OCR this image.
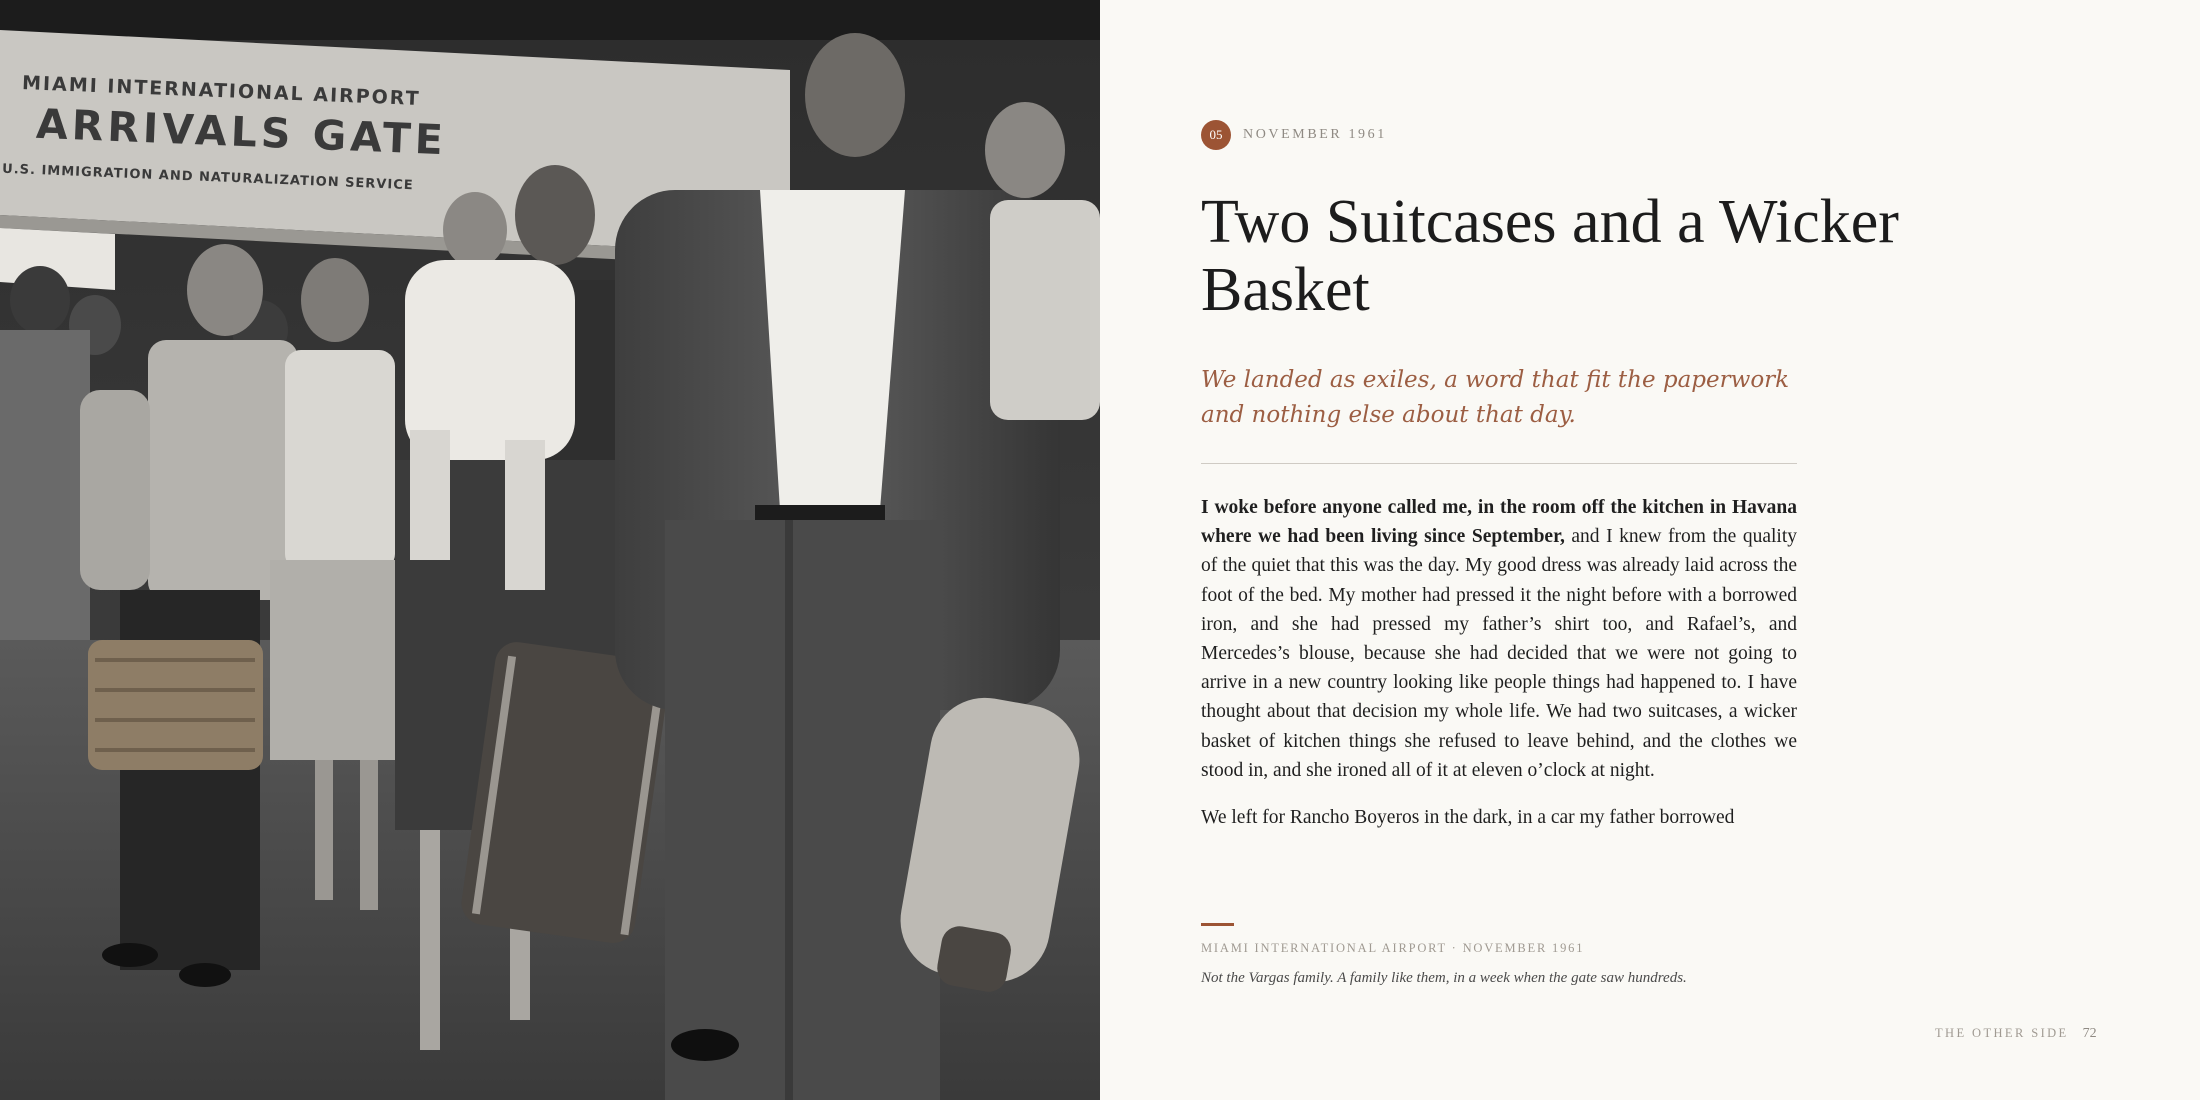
MIAMI INTERNATIONAL AIRPORT
ARRIVALS GATE
U.S. IMMIGRATION AND NATURALIZATION SERVICE
05	NOVEMBER 1961
Two Suitcases and a Wicker Basket

We landed as exiles, a word that fit the paperwork and nothing else about that day.

I woke before anyone called me, in the room off the kitchen in Havana where we had been living since September, and I knew from the quality of the quiet that this was the day. My good dress was already laid across the foot of the bed. My mother had pressed it the night before with a borrowed iron, and she had pressed my father’s shirt too, and Rafael’s, and Mercedes’s blouse, because she had decided that we were not going to arrive in a new country looking like people things had happened to. I have thought about that decision my whole life. We had two suitcases, a wicker basket of kitchen things she refused to leave behind, and the clothes we stood in, and she ironed all of it at eleven o’clock at night.

We left for Rancho Boyeros in the dark, in a car my father borrowed

MIAMI INTERNATIONAL AIRPORT · NOVEMBER 1961
Not the Vargas family. A family like them, in a week when the gate saw hundreds.
THE OTHER SIDE 72
